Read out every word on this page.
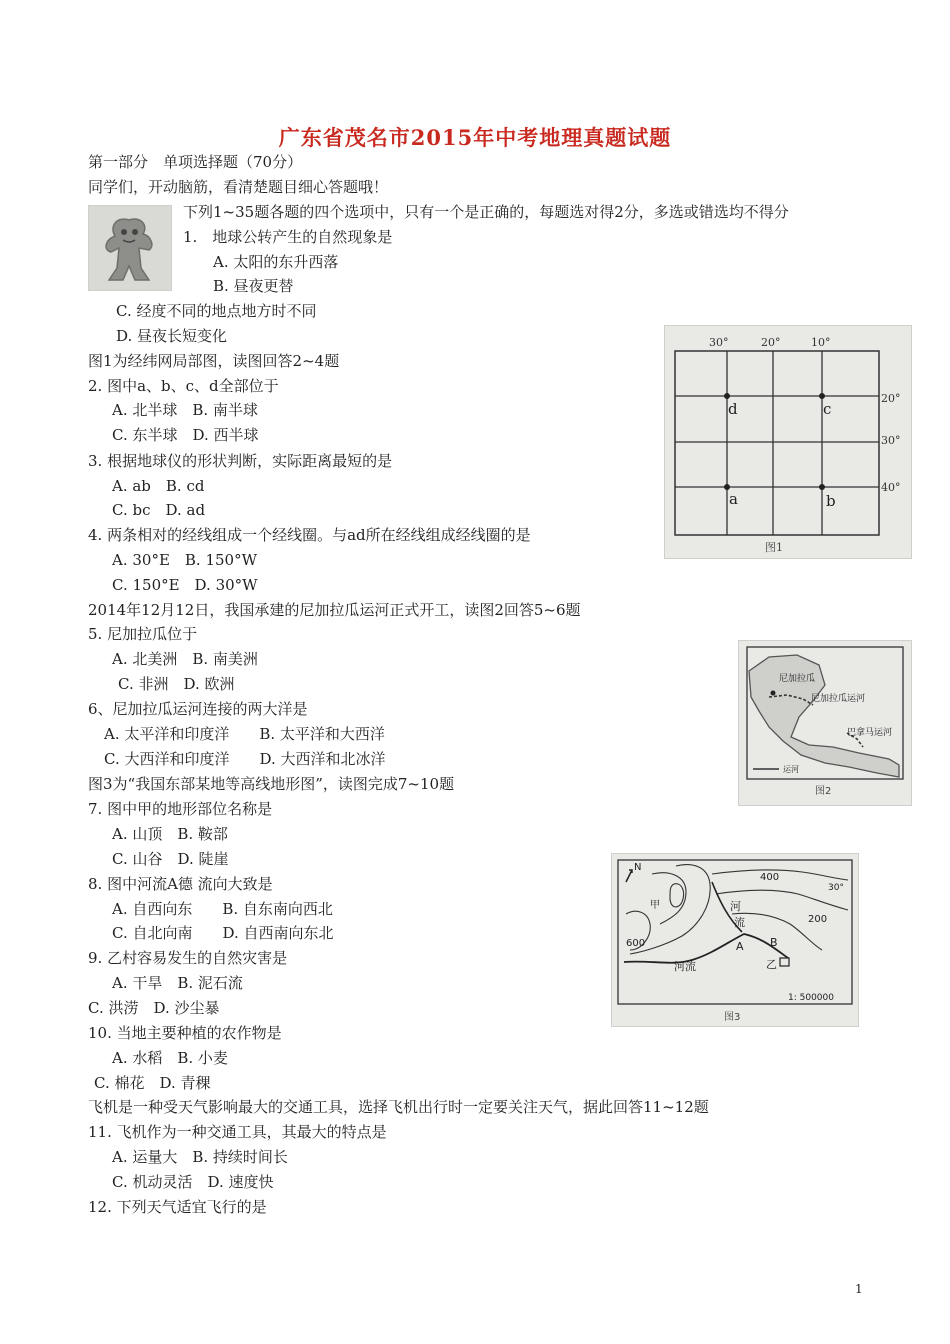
广东省茂名市2015年中考地理真题试题
第一部分　单项选择题（70分）
同学们，开动脑筋，看清楚题目细心答题哦！
下列1~35题各题的四个选项中，只有一个是正确的，每题选对得2分，多选或错选均不得分
1.　地球公转产生的自然现象是
A. 太阳的东升西落
B. 昼夜更替
C. 经度不同的地点地方时不同
D. 昼夜长短变化
图1为经纬网局部图，读图回答2~4题
2. 图中a、b、c、d全部位于
A. 北半球　B. 南半球
C. 东半球　D. 西半球
3. 根据地球仪的形状判断，实际距离最短的是
A. ab　B. cd
C. bc　D. ad
4. 两条相对的经线组成一个经线圈。与ad所在经线组成经线圈的是
A. 30°E　B. 150°W
C. 150°E　D. 30°W
2014年12月12日，我国承建的尼加拉瓜运河正式开工，读图2回答5~6题
5. 尼加拉瓜位于
A. 北美洲　B. 南美洲
C. 非洲　D. 欧洲
6、尼加拉瓜运河连接的两大洋是
A. 太平洋和印度洋　　B. 太平洋和大西洋
C. 大西洋和印度洋　　D. 大西洋和北冰洋
图3为“我国东部某地等高线地形图”，读图完成7~10题
7. 图中甲的地形部位名称是
A. 山顶　B. 鞍部
C. 山谷　D. 陡崖
8. 图中河流A德 流向大致是
A. 自西向东　　B. 自东南向西北
C. 自北向南　　D. 自西南向东北
9. 乙村容易发生的自然灾害是
A. 干旱　B. 泥石流
C. 洪涝　D. 沙尘暴
10. 当地主要种植的农作物是
A. 水稻　B. 小麦
C. 棉花　D. 青稞
飞机是一种受天气影响最大的交通工具，选择飞机出行时一定要关注天气，据此回答11~12题
11. 飞机作为一种交通工具，其最大的特点是
A. 运量大　B. 持续时间长
C. 机动灵活　D. 速度快
12. 下列天气适宜飞行的是
30°	20°	10°
20°
30°
40°
d	c
a	b
图1
尼加拉瓜
尼加拉瓜运河
巴拿马运河
运河
图2
N
400
200
600
甲	河
流
A B
乙
河流
30°
1: 500000
图3
1
